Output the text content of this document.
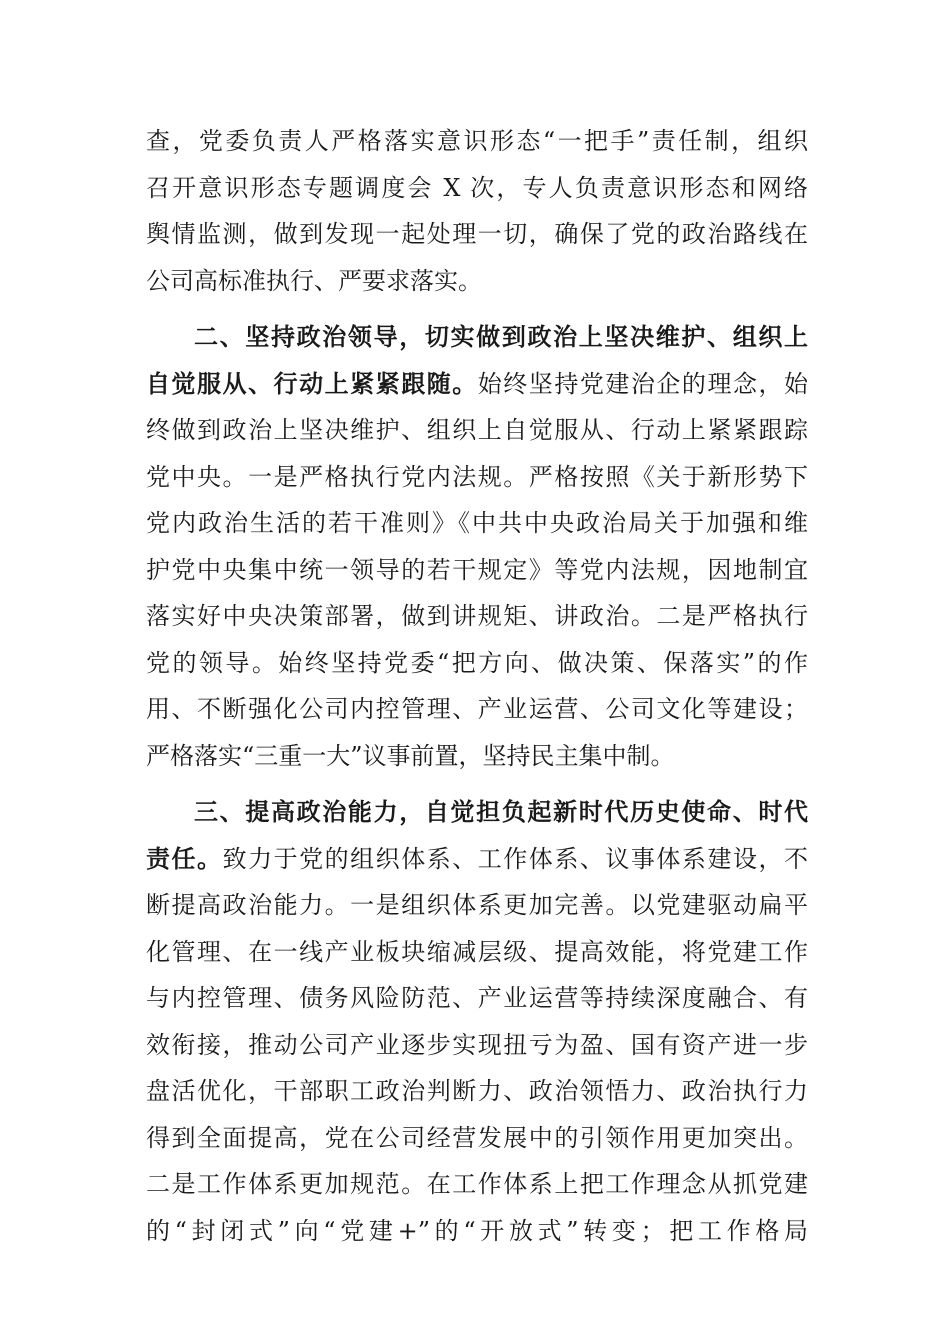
查，党委负责人严格落实意识形态“一把手”责任制，组织
召开意识形态专题调度会 X 次，专人负责意识形态和网络
舆情监测，做到发现一起处理一切，确保了党的政治路线在
公司高标准执行、严要求落实。
二、坚持政治领导，切实做到政治上坚决维护、组织上
自觉服从、行动上紧紧跟随。始终坚持党建治企的理念，始
终做到政治上坚决维护、组织上自觉服从、行动上紧紧跟踪
党中央。一是严格执行党内法规。严格按照《关于新形势下
党内政治生活的若干准则》《中共中央政治局关于加强和维
护党中央集中统一领导的若干规定》等党内法规，因地制宜
落实好中央决策部署，做到讲规矩、讲政治。二是严格执行
党的领导。始终坚持党委“把方向、做决策、保落实”的作
用、不断强化公司内控管理、产业运营、公司文化等建设；
严格落实“三重一大”议事前置，坚持民主集中制。
三、提高政治能力，自觉担负起新时代历史使命、时代
责任。致力于党的组织体系、工作体系、议事体系建设，不
断提高政治能力。一是组织体系更加完善。以党建驱动扁平
化管理、在一线产业板块缩减层级、提高效能，将党建工作
与内控管理、债务风险防范、产业运营等持续深度融合、有
效衔接，推动公司产业逐步实现扭亏为盈、国有资产进一步
盘活优化，干部职工政治判断力、政治领悟力、政治执行力
得到全面提高，党在公司经营发展中的引领作用更加突出。
二是工作体系更加规范。在工作体系上把工作理念从抓党建
的“封闭式”向“党建+”的“开放式”转变；把工作格局
